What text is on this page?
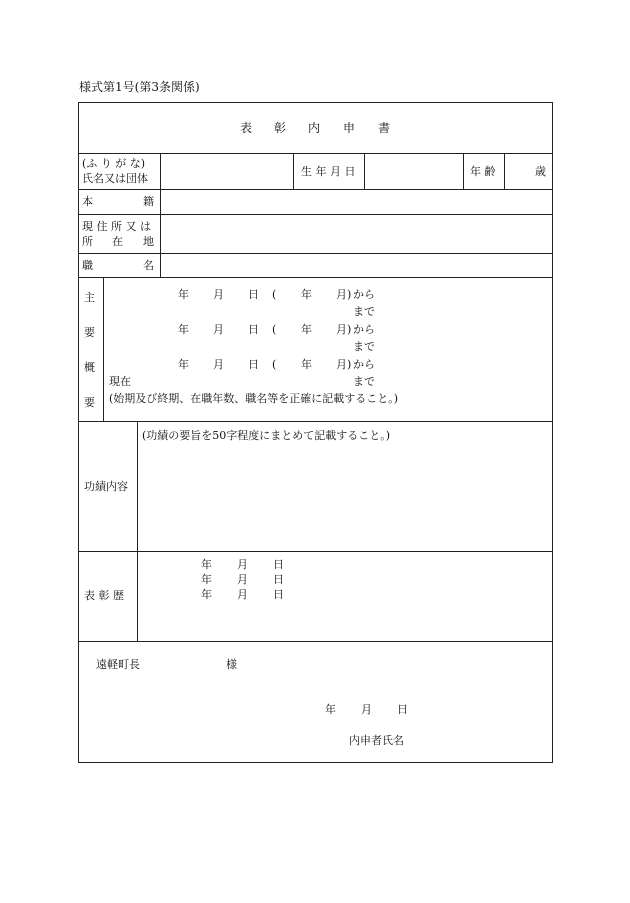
様式第1号(第3条関係)
表 彰 内 申 書
(ふ り が な)
氏名又は団体
生 年 月 日	年 齢	歳
本	籍
現 住 所 又 は
所 在 地
職	名
主
要
概
要
年 月 日 ( 年 月) から
まで
年 月 日 ( 年 月) から
まで
年 月 日 ( 年 月) から
現在	まで
(始期及び終期、在職年数、職名等を正確に記載すること。)
功績内容
(功績の要旨を50字程度にまとめて記載すること。)
表 彰 歴
年 月 日
年 月 日
年 月 日
遠軽町長	様
年 月 日
内申者氏名
